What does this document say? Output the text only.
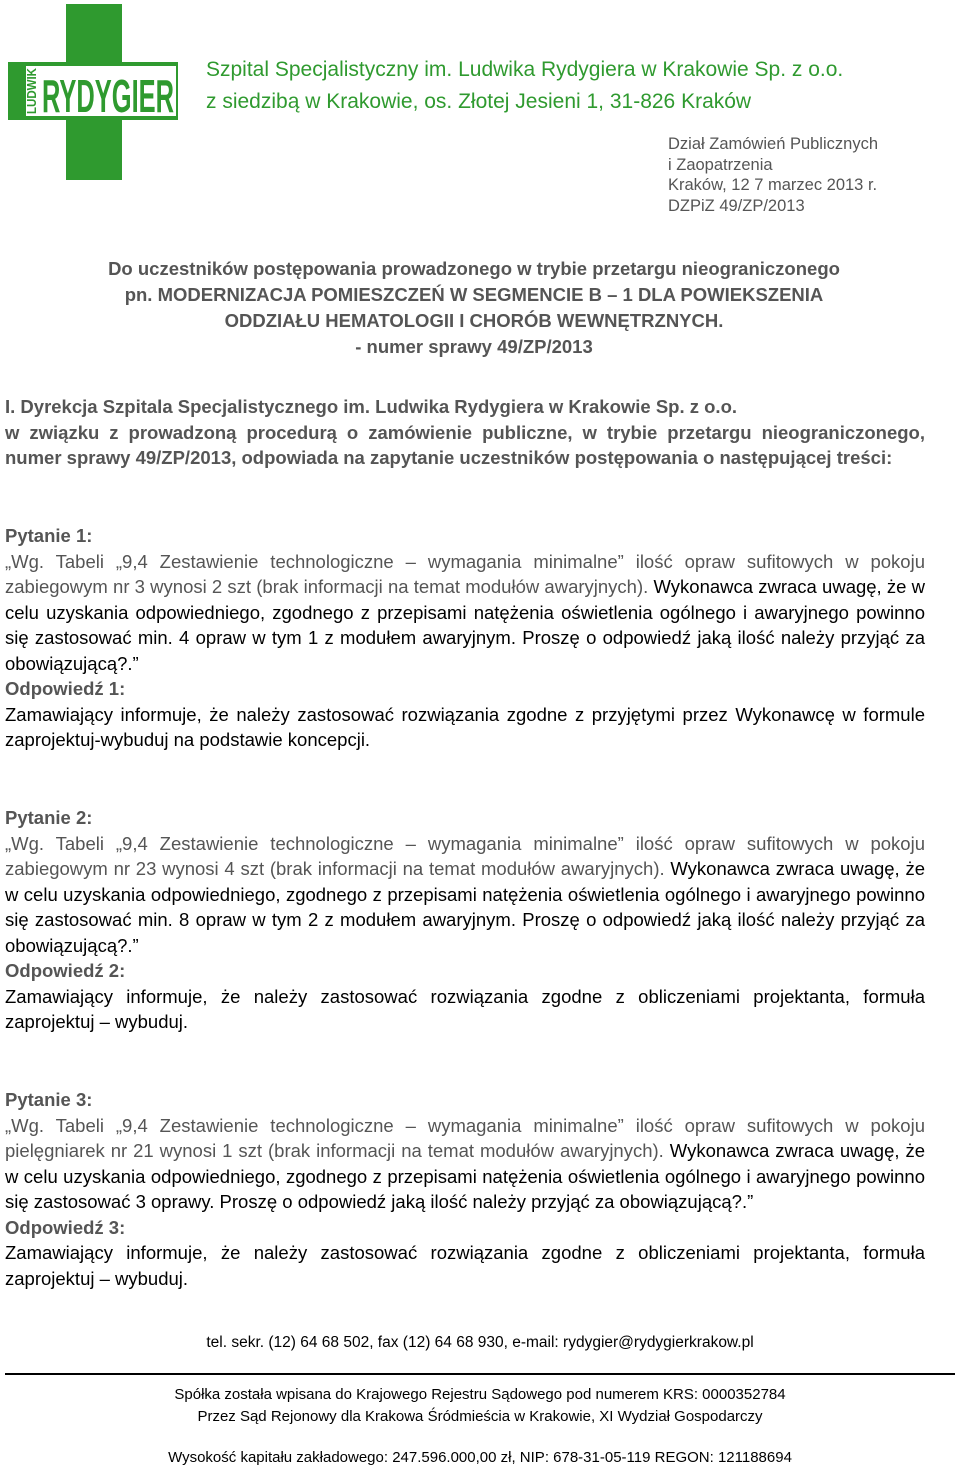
RYDYGIER
LUDWIK	Szpital Specjalistyczny im. Ludwika Rydygiera w Krakowie Sp. z o.o.
z siedzibą w Krakowie, os. Złotej Jesieni 1, 31-826 Kraków
Dział Zamówień Publicznych
i Zaopatrzenia
Kraków, 12 7 marzec 2013 r.
DZPiZ 49/ZP/2013
Do uczestników postępowania prowadzonego w trybie przetargu nieograniczonego
pn. MODERNIZACJA POMIESZCZEŃ W SEGMENCIE B – 1 DLA POWIEKSZENIA
ODDZIAŁU HEMATOLOGII I CHORÓB WEWNĘTRZNYCH.
- numer sprawy 49/ZP/2013
I. Dyrekcja Szpitala Specjalistycznego im. Ludwika Rydygiera w Krakowie Sp. z o.o.
w związku z prowadzoną procedurą o zamówienie publiczne, w trybie przetargu nieograniczonego, numer sprawy 49/ZP/2013, odpowiada na zapytanie uczestników postępowania o następującej treści:
Pytanie 1:
„Wg. Tabeli „9,4 Zestawienie technologiczne – wymagania minimalne” ilość opraw sufitowych w pokoju zabiegowym nr 3 wynosi 2 szt (brak informacji na temat modułów awaryjnych). Wykonawca zwraca uwagę, że w celu uzyskania odpowiedniego, zgodnego z przepisami natężenia oświetlenia ogólnego i awaryjnego powinno się zastosować min. 4 opraw w tym 1 z modułem awaryjnym. Proszę o odpowiedź jaką ilość należy przyjąć za obowiązującą?.”
Odpowiedź 1:
Zamawiający informuje, że należy zastosować rozwiązania zgodne z przyjętymi przez Wykonawcę w formule zaprojektuj-wybuduj na podstawie koncepcji.
Pytanie 2:
„Wg. Tabeli „9,4 Zestawienie technologiczne – wymagania minimalne” ilość opraw sufitowych w pokoju zabiegowym nr 23 wynosi 4 szt (brak informacji na temat modułów awaryjnych). Wykonawca zwraca uwagę, że w celu uzyskania odpowiedniego, zgodnego z przepisami natężenia oświetlenia ogólnego i awaryjnego powinno się zastosować min. 8 opraw w tym 2 z modułem awaryjnym. Proszę o odpowiedź jaką ilość należy przyjąć za obowiązującą?.”
Odpowiedź 2:
Zamawiający informuje, że należy zastosować rozwiązania zgodne z obliczeniami projektanta, formuła zaprojektuj – wybuduj.
Pytanie 3:
„Wg. Tabeli „9,4 Zestawienie technologiczne – wymagania minimalne” ilość opraw sufitowych w pokoju pielęgniarek nr 21 wynosi 1 szt (brak informacji na temat modułów awaryjnych). Wykonawca zwraca uwagę, że w celu uzyskania odpowiedniego, zgodnego z przepisami natężenia oświetlenia ogólnego i awaryjnego powinno się zastosować 3 oprawy. Proszę o odpowiedź jaką ilość należy przyjąć za obowiązującą?.”
Odpowiedź 3:
Zamawiający informuje, że należy zastosować rozwiązania zgodne z obliczeniami projektanta, formuła zaprojektuj – wybuduj.
tel. sekr. (12) 64 68 502, fax (12) 64 68 930, e-mail: rydygier@rydygierkrakow.pl
Spółka została wpisana do Krajowego Rejestru Sądowego pod numerem KRS: 0000352784
Przez Sąd Rejonowy dla Krakowa Śródmieścia w Krakowie, XI Wydział Gospodarczy
Wysokość kapitału zakładowego: 247.596.000,00 zł, NIP: 678-31-05-119 REGON: 121188694
